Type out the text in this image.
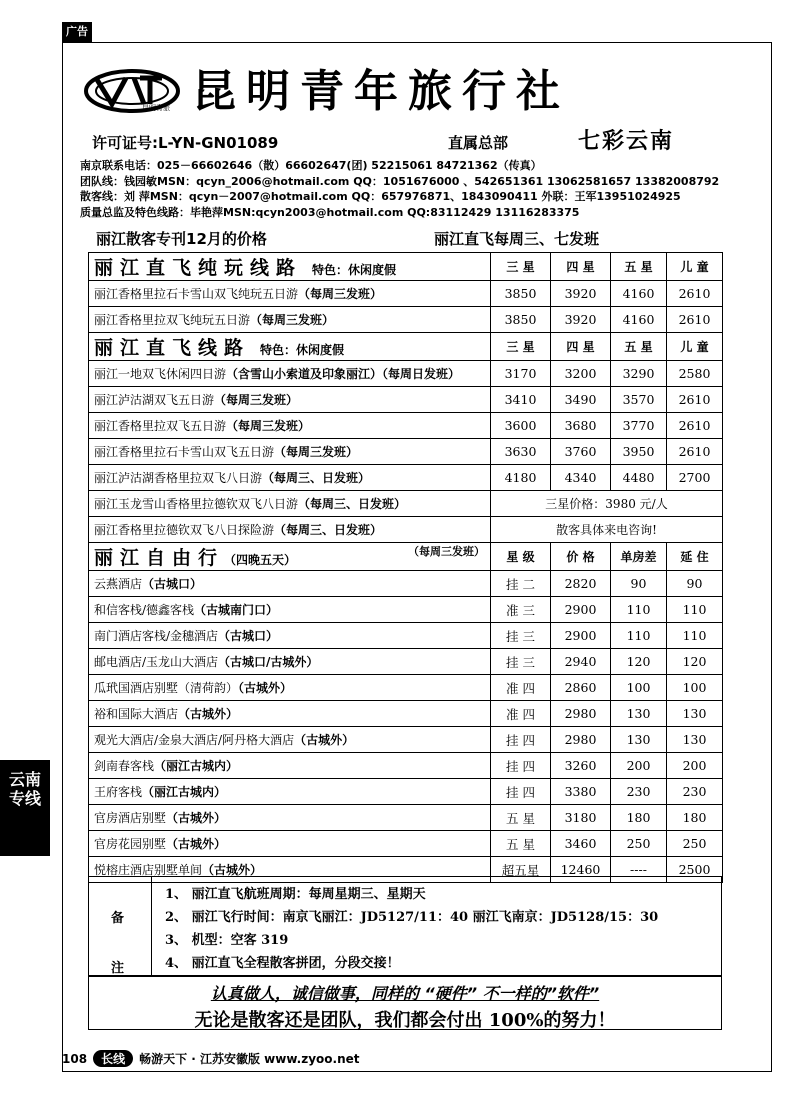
广告
昆明青旅 昆明青年旅行社
许可证号:L-YN-GN01089	直属总部	七彩云南
南京联系电话：025－66602646（散）66602647(团) 52215061 84721362（传真）
团队线：钱园敏MSN：qcyn_2006@hotmail.com QQ：1051676000 、542651361 13062581657 13382008792
散客线：刘 萍MSN：qcyn－2007@hotmail.com QQ：657976871、1843090411 外联：王军13951024925
质量总监及特色线路：毕艳萍MSN:qcyn2003@hotmail.com QQ:83112429 13116283375
丽江散客专刊12月的价格	丽江直飞每周三、七发班
丽江直飞纯玩线路 特色：休闲度假	三 星	四 星	五 星	儿 童
丽江香格里拉石卡雪山双飞纯玩五日游（每周三发班）	3850	3920	4160	2610
丽江香格里拉双飞纯玩五日游（每周三发班）	3850	3920	4160	2610
丽江直飞线路 特色：休闲度假	三 星	四 星	五 星	儿 童
丽江一地双飞休闲四日游（含雪山小索道及印象丽江）（每周日发班）	3170	3200	3290	2580
丽江泸沽湖双飞五日游（每周三发班）	3410	3490	3570	2610
丽江香格里拉双飞五日游（每周三发班）	3600	3680	3770	2610
丽江香格里拉石卡雪山双飞五日游（每周三发班）	3630	3760	3950	2610
丽江泸沽湖香格里拉双飞八日游（每周三、日发班）	4180	4340	4480	2700
丽江玉龙雪山香格里拉德钦双飞八日游（每周三、日发班）	三星价格：3980 元/人			
丽江香格里拉德钦双飞八日探险游（每周三、日发班）	散客具体来电咨询!			
丽江自由行（四晚五天）
（每周三发班）	星 级	价 格	单房差	延 住
云燕酒店（古城口）	挂 二	2820	90	90
和信客栈/德鑫客栈（古城南门口）	准 三	2900	110	110
南门酒店客栈/金穗酒店（古城口）	挂 三	2900	110	110
邮电酒店/玉龙山大酒店（古城口/古城外）	挂 三	2940	120	120
瓜玳国酒店别墅（清荷韵）（古城外）	准 四	2860	100	100
裕和国际大酒店（古城外）	准 四	2980	130	130
观光大酒店/金泉大酒店/阿丹格大酒店（古城外）	挂 四	2980	130	130
剑南春客栈（丽江古城内）	挂 四	3260	200	200
王府客栈（丽江古城内）	挂 四	3380	230	230
官房酒店别墅（古城外）	五 星	3180	180	180
官房花园别墅（古城外）	五 星	3460	250	250
悦榕庄酒店别墅单间（古城外）	超五星	12460	----	2500
备
注
1、 丽江直飞航班周期：每周星期三、星期天
2、 丽江飞行时间：南京飞丽江：JD5127/11：40 丽江飞南京：JD5128/15：30
3、 机型：空客 319
4、 丽江直飞全程散客拼团，分段交接！
认真做人，诚信做事，同样的 “硬件” 不一样的”软件”
无论是散客还是团队，我们都会付出 100%的努力！
云南
专线
108 长线 畅游天下 · 江苏安徽版 www.zyoo.net
